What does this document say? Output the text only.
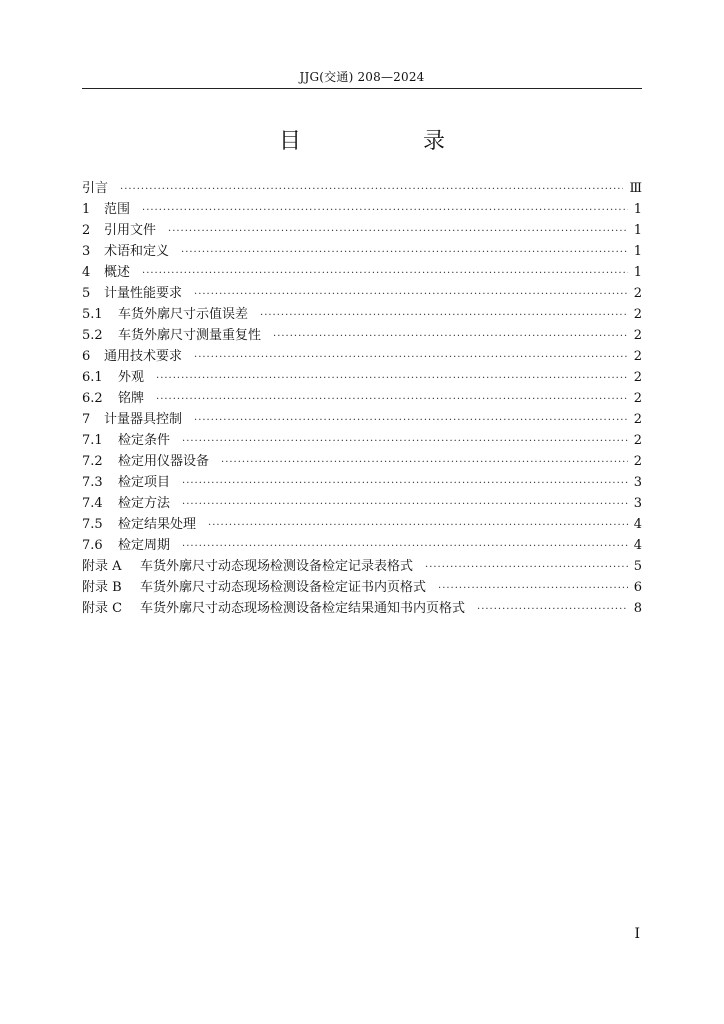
JJG(交通) 208—2024
目　录
引言 ·····	Ⅲ
1	范围 ·····	1
2	引用文件 ·····	1
3	术语和定义 ·····	1
4	概述 ·····	1
5	计量性能要求 ·····	2
5.1	车货外廓尺寸示值误差 ·····	2
5.2	车货外廓尺寸测量重复性 ·····	2
6	通用技术要求 ·····	2
6.1	外观 ·····	2
6.2	铭牌 ·····	2
7	计量器具控制 ·····	2
7.1	检定条件 ·····	2
7.2	检定用仪器设备 ·····	2
7.3	检定项目 ·····	3
7.4	检定方法 ·····	3
7.5	检定结果处理 ·····	4
7.6	检定周期 ·····	4
附录 A	车货外廓尺寸动态现场检测设备检定记录表格式 ·····	5
附录 B	车货外廓尺寸动态现场检测设备检定证书内页格式 ·····	6
附录 C	车货外廓尺寸动态现场检测设备检定结果通知书内页格式 ·····	8
I
